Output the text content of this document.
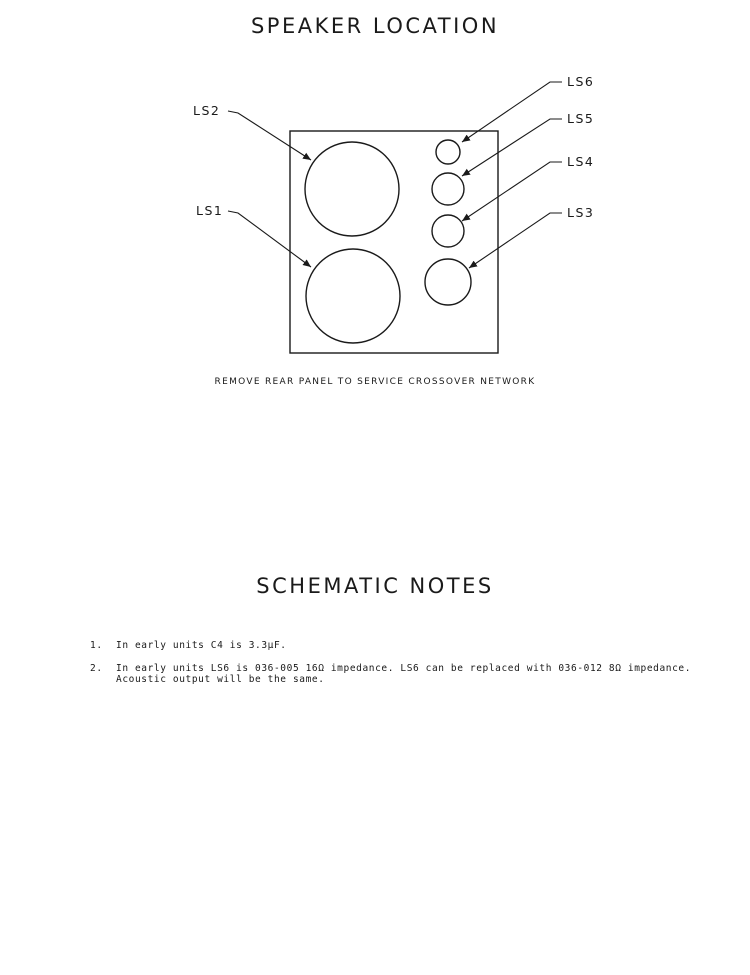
SPEAKER LOCATION
LS2
LS1
LS6
LS5
LS4
LS3
REMOVE REAR PANEL TO SERVICE CROSSOVER NETWORK
SCHEMATIC NOTES
1.	In early units C4 is 3.3µF.
2.	In early units LS6 is 036-005 16Ω impedance. LS6 can be replaced with 036-012 8Ω impedance.
Acoustic output will be the same.
